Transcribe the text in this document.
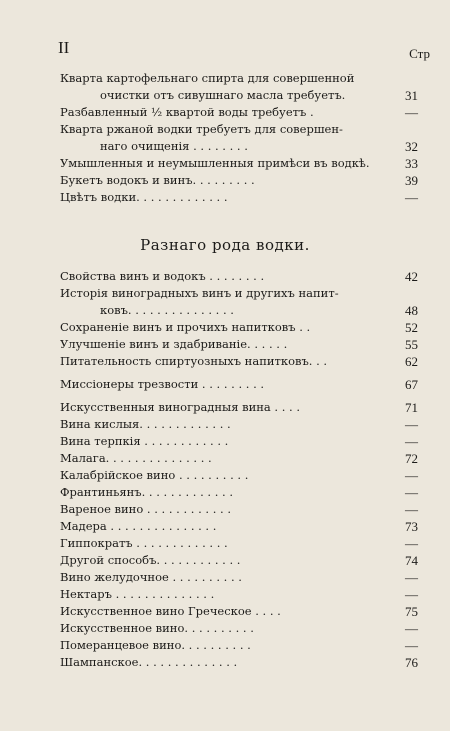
II	Стр
Кварта картофельнаго спирта для совершенной
очистки отъ сивушнаго масла требуетъ.	31
Разбавленный ½ квартой воды требуетъ .	—
Кварта ржаной водки требуетъ для совершен-
наго очищенія . . . . . . . .	32
Умышленныя и неумышленныя примѣси въ водкѣ.	33
Букетъ водокъ и винъ. . . . . . . . .	39
Цвѣтъ водки. . . . . . . . . . . . .	—
Разнаго рода водки.
Свойства винъ и водокъ . . . . . . . .	42
Исторія виноградныхъ винъ и другихъ напит-
ковъ. . . . . . . . . . . . . . .	48
Сохраненіе винъ и прочихъ напитковъ . .	52
Улучшеніе винъ и здабриваніе. . . . . .	55
Питательность спиртуозныхъ напитковъ. . .	62
Миссіонеры трезвости . . . . . . . . .	67
Искусственныя виноградныя вина . . . .	71
Вина кислыя. . . . . . . . . . . . .	—
Вина терпкія . . . . . . . . . . . .	—
Малага. . . . . . . . . . . . . . .	72
Калабрійское вино . . . . . . . . . .	—
Франтиньянъ. . . . . . . . . . . . .	—
Вареное вино . . . . . . . . . . . .	—
Мадера . . . . . . . . . . . . . . .	73
Гиппократъ . . . . . . . . . . . . .	—
Другой способъ. . . . . . . . . . . .	74
Вино желудочное . . . . . . . . . .	—
Нектаръ . . . . . . . . . . . . . .	—
Искусственное вино Греческое . . . .	75
Искусственное вино. . . . . . . . . .	—
Померанцевое вино. . . . . . . . . .	—
Шампанское. . . . . . . . . . . . . .	76
